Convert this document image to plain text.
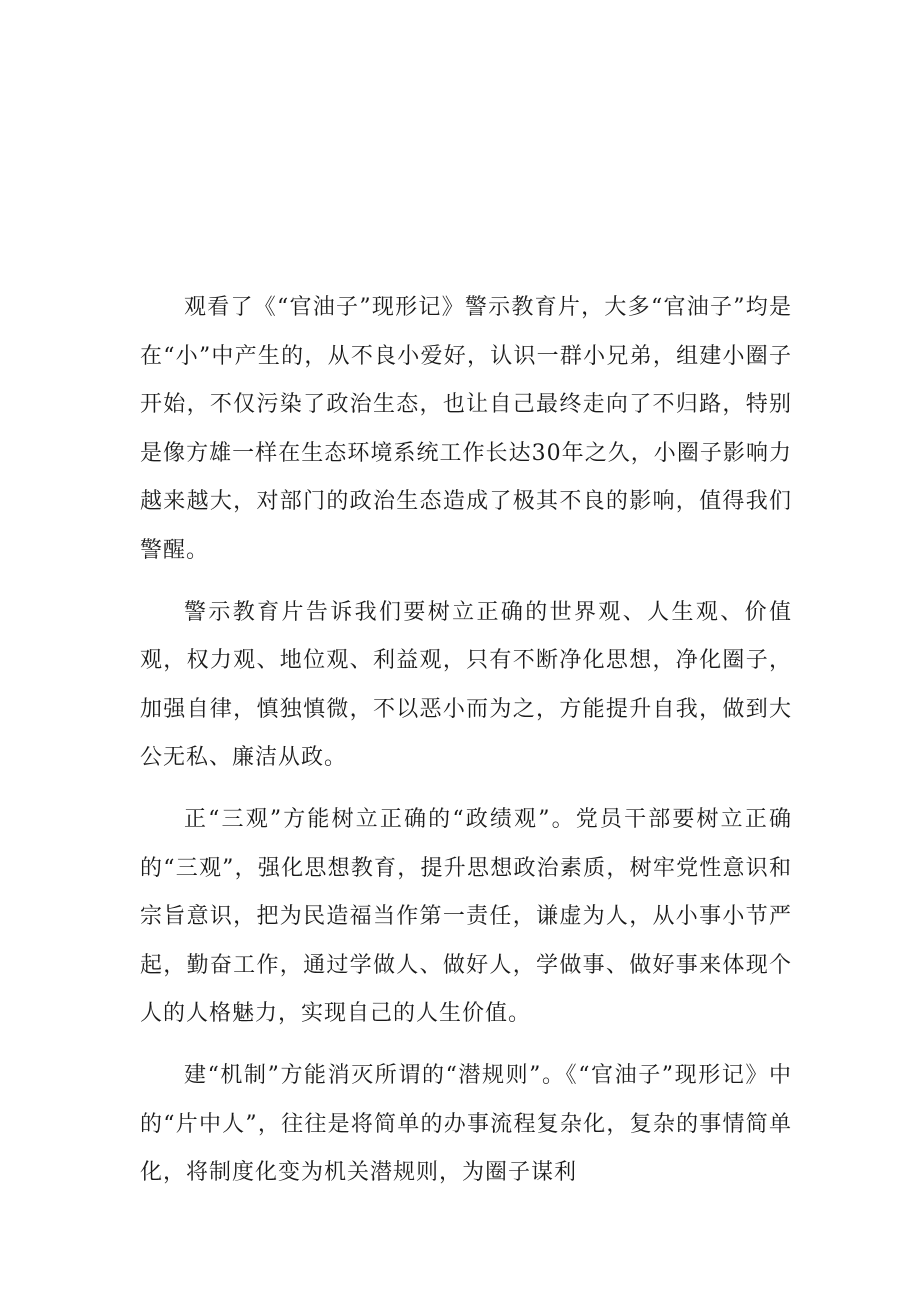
观看了《“官油子”现形记》警示教育片，大多“官油子”均是在“小”中产生的，从不良小爱好，认识一群小兄弟，组建小圈子开始，不仅污染了政治生态，也让自己最终走向了不归路，特别是像方雄一样在生态环境系统工作长达30年之久，小圈子影响力越来越大，对部门的政治生态造成了极其不良的影响，值得我们警醒。

警示教育片告诉我们要树立正确的世界观、人生观、价值观，权力观、地位观、利益观，只有不断净化思想，净化圈子，加强自律，慎独慎微，不以恶小而为之，方能提升自我，做到大公无私、廉洁从政。

正“三观”方能树立正确的“政绩观”。党员干部要树立正确的“三观”，强化思想教育，提升思想政治素质，树牢党性意识和宗旨意识，把为民造福当作第一责任，谦虚为人，从小事小节严起，勤奋工作，通过学做人、做好人，学做事、做好事来体现个人的人格魅力，实现自己的人生价值。

建“机制”方能消灭所谓的“潜规则”。《“官油子”现形记》中的“片中人”，往往是将简单的办事流程复杂化，复杂的事情简单化，将制度化变为机关潜规则，为圈子谋利
